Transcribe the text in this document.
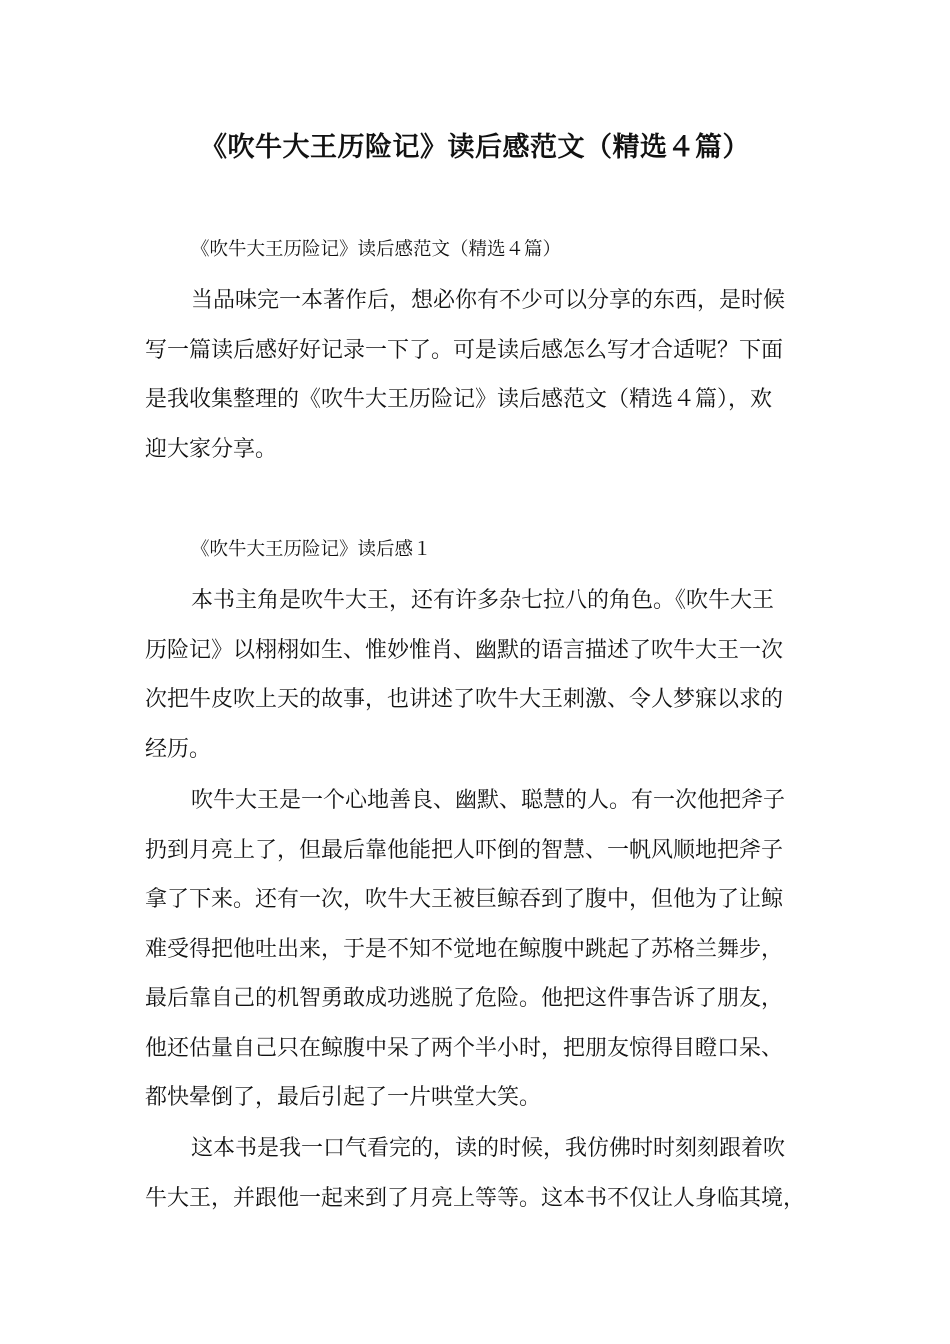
《吹牛大王历险记》读后感范文（精选４篇）
《吹牛大王历险记》读后感范文（精选４篇）
当品味完一本著作后，想必你有不少可以分享的东西，是时候
写一篇读后感好好记录一下了。可是读后感怎么写才合适呢？下面
是我收集整理的《吹牛大王历险记》读后感范文（精选４篇），欢
迎大家分享。
《吹牛大王历险记》读后感１
本书主角是吹牛大王，还有许多杂七拉八的角色。《吹牛大王
历险记》以栩栩如生、惟妙惟肖、幽默的语言描述了吹牛大王一次
次把牛皮吹上天的故事，也讲述了吹牛大王刺激、令人梦寐以求的
经历。
吹牛大王是一个心地善良、幽默、聪慧的人。有一次他把斧子
扔到月亮上了，但最后靠他能把人吓倒的智慧、一帆风顺地把斧子
拿了下来。还有一次，吹牛大王被巨鲸吞到了腹中，但他为了让鲸
难受得把他吐出来，于是不知不觉地在鲸腹中跳起了苏格兰舞步，
最后靠自己的机智勇敢成功逃脱了危险。他把这件事告诉了朋友，
他还估量自己只在鲸腹中呆了两个半小时，把朋友惊得目瞪口呆、
都快晕倒了，最后引起了一片哄堂大笑。
这本书是我一口气看完的，读的时候，我仿佛时时刻刻跟着吹
牛大王，并跟他一起来到了月亮上等等。这本书不仅让人身临其境，
